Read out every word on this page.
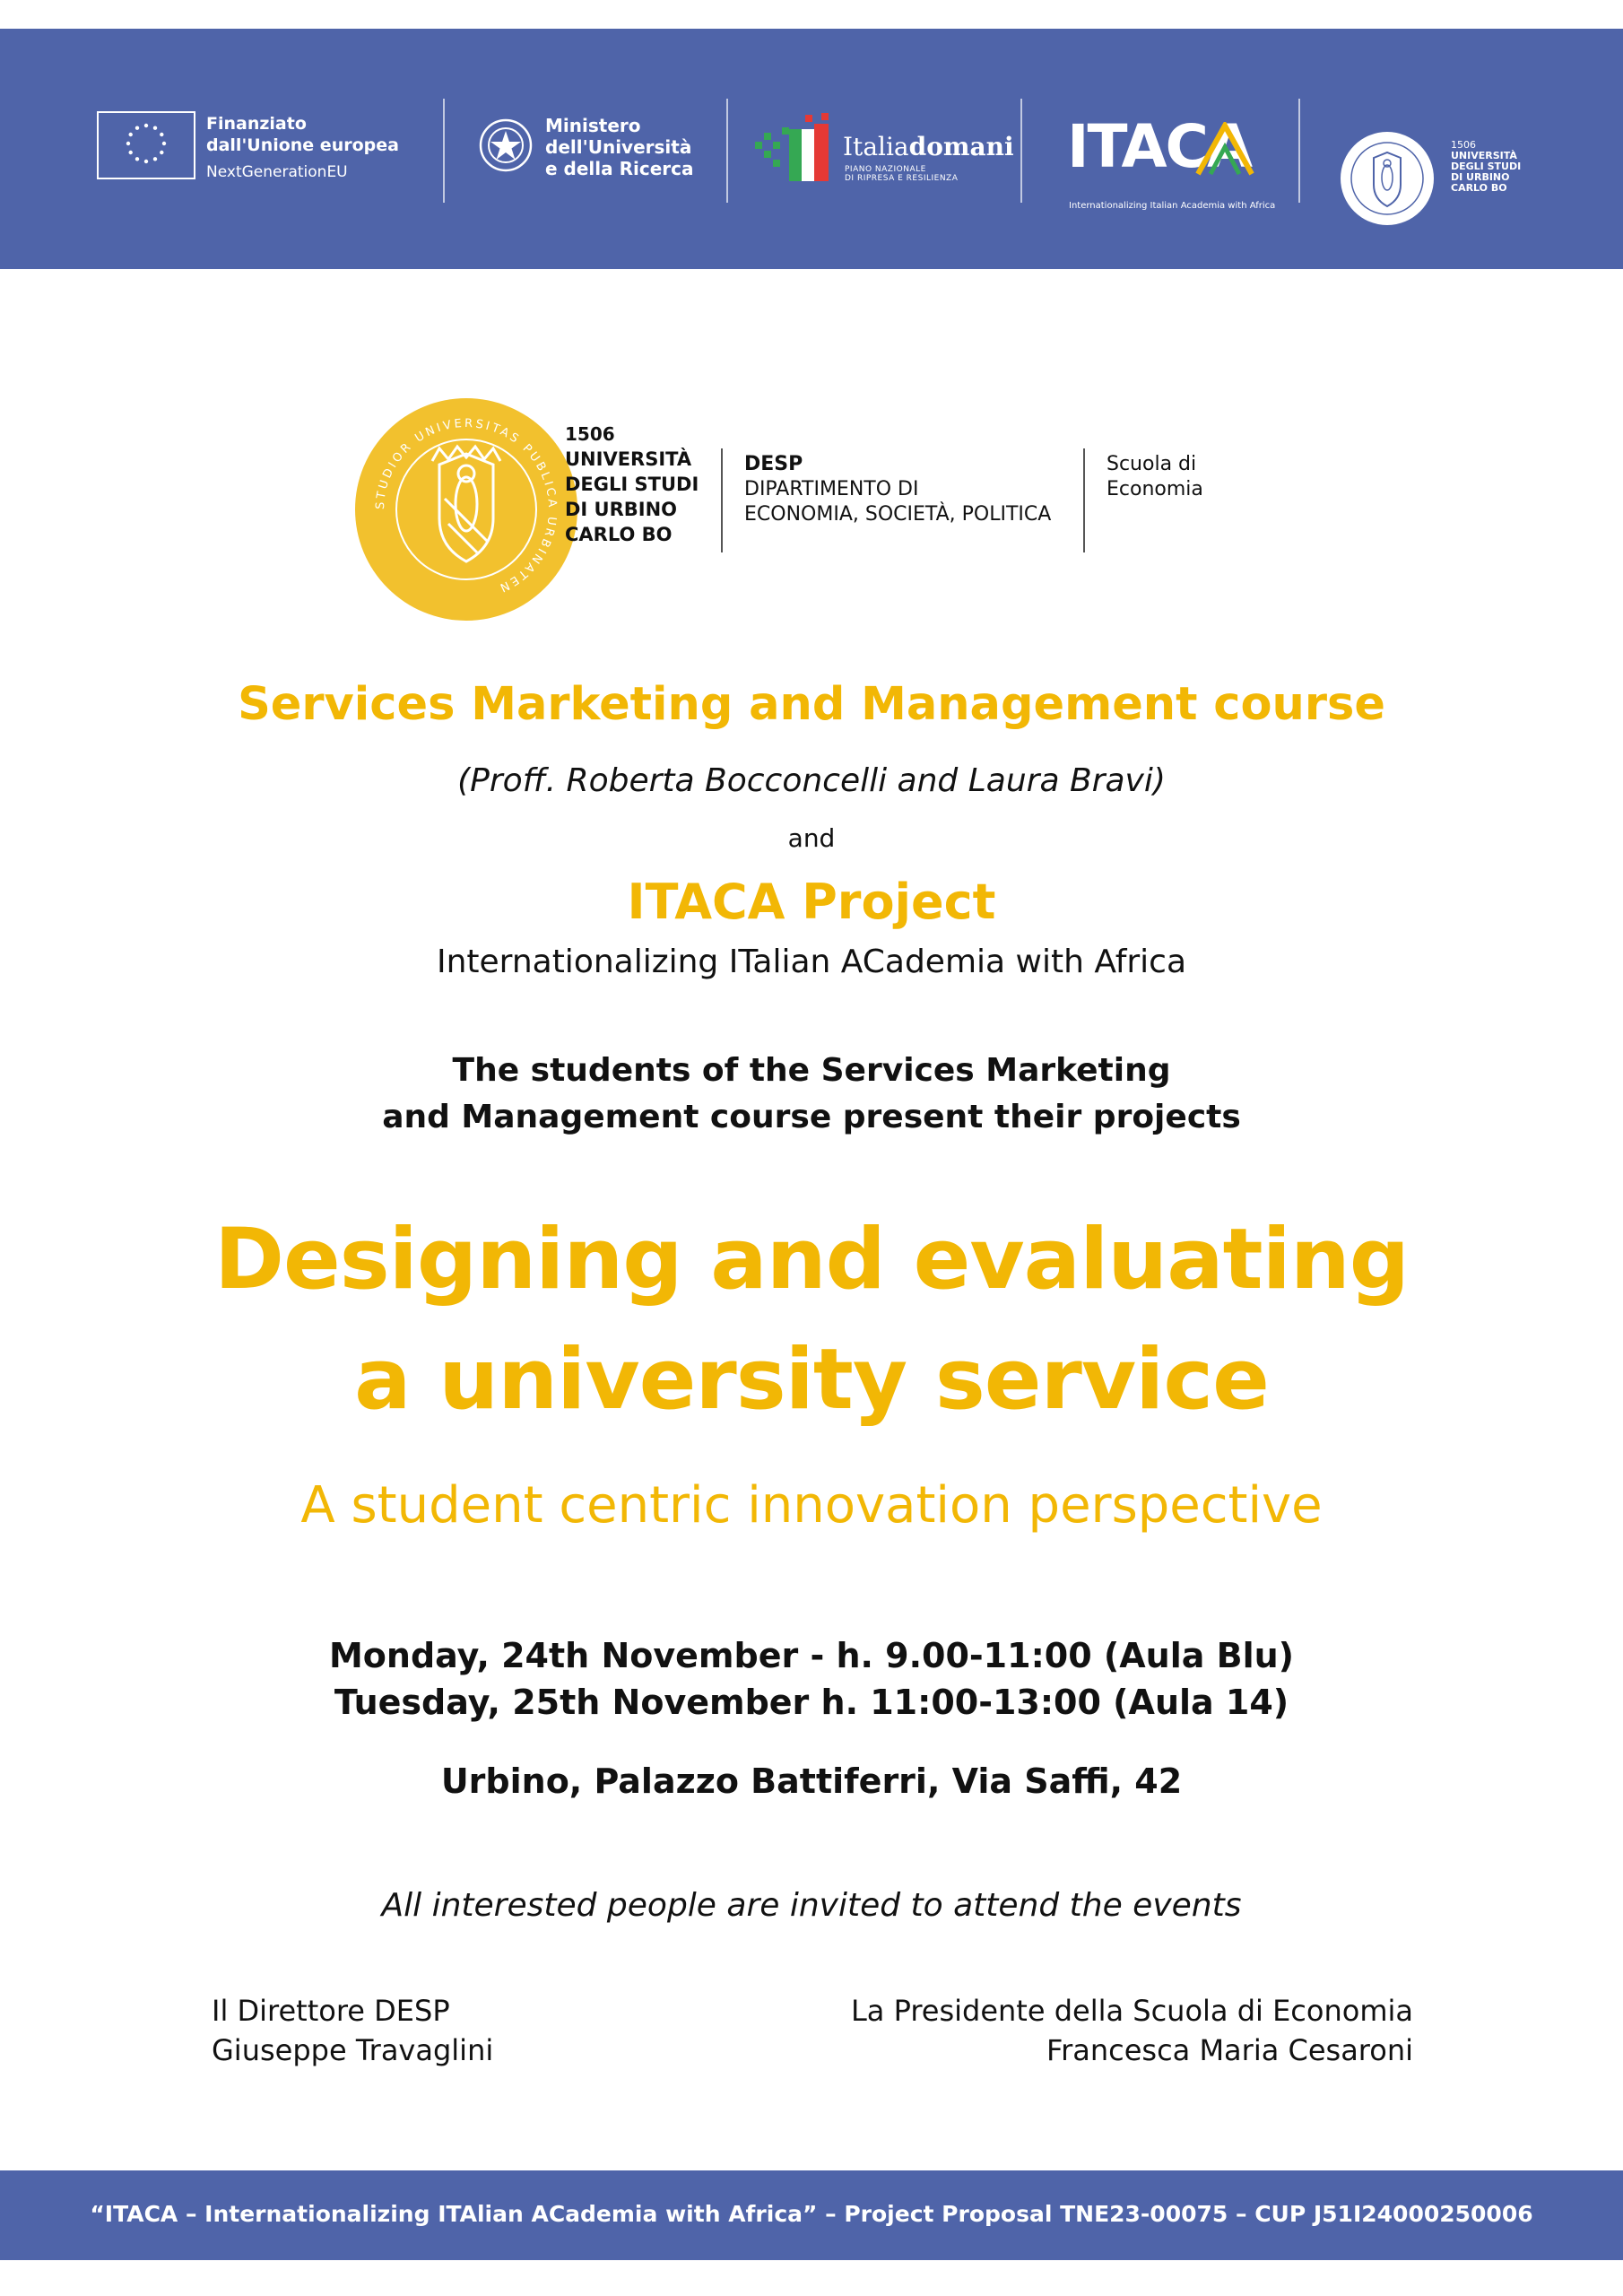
Finanziato
dall'Unione europea
NextGenerationEU
Ministero
dell'Università
e della Ricerca
Italiadomani
PIANO NAZIONALE
DI RIPRESA E RESILIENZA ITACA
Internationalizing Italian Academia with Africa
1506
UNIVERSITÀ
DEGLI STUDI
DI URBINO
CARLO BO
STUDIOR UNIVERSITAS PUBLICA URBINATEN
1506
UNIVERSITÀ
DEGLI STUDI
DI URBINO
CARLO BO
DESP
DIPARTIMENTO DI
ECONOMIA, SOCIETÀ, POLITICA
Scuola di
Economia
Services Marketing and Management course
(Proff. Roberta Bocconcelli and Laura Bravi)
and
ITACA Project
Internationalizing ITalian ACademia with Africa
The students of the Services Marketing
and Management course present their projects
Designing and evaluating
a university service
A student centric innovation perspective
Monday, 24th November - h. 9.00-11:00 (Aula Blu)
Tuesday, 25th November h. 11:00-13:00 (Aula 14)
Urbino, Palazzo Battiferri, Via Saffi, 42
All interested people are invited to attend the events
Il Direttore DESP
Giuseppe Travaglini
La Presidente della Scuola di Economia
Francesca Maria Cesaroni
“ITACA – Internationalizing ITAlian ACademia with Africa” – Project Proposal TNE23-00075 – CUP J51I24000250006
